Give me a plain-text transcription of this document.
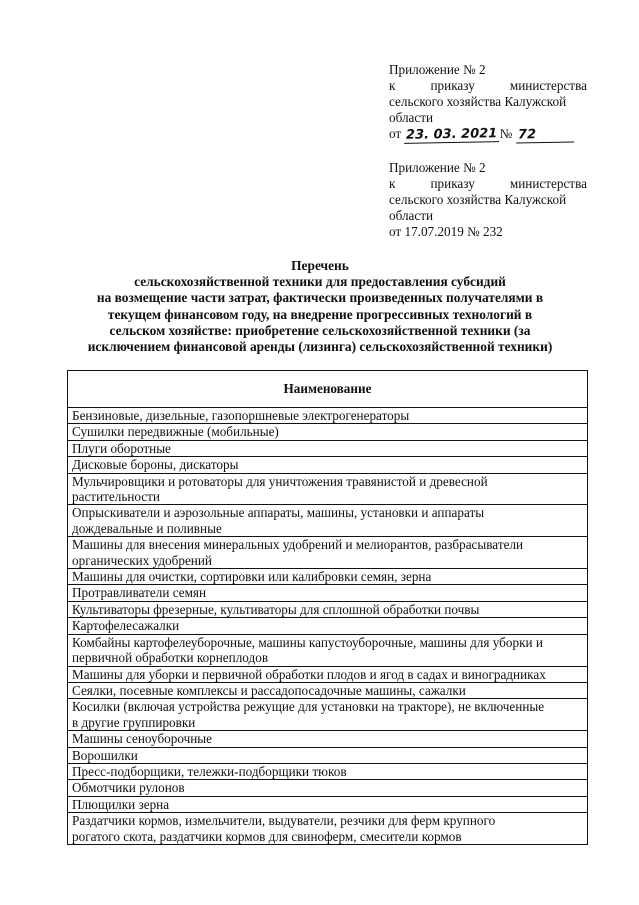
Приложение № 2
к	приказу	министерства
сельского хозяйства Калужской
области
от 23. 03. 2021 № 72
Приложение № 2
к	приказу	министерства
сельского хозяйства Калужской
области
от 17.07.2019 № 232
Перечень
сельскохозяйственной техники для предоставления субсидий
на возмещение части затрат, фактически произведенных получателями в
текущем финансовом году, на внедрение прогрессивных технологий в
сельском хозяйстве: приобретение сельскохозяйственной техники (за
исключением финансовой аренды (лизинга) сельскохозяйственной техники)
Наименование

Бензиновые, дизельные, газопоршневые электрогенераторы

Сушилки передвижные (мобильные)

Плуги оборотные

Дисковые бороны, дискаторы

Мульчировщики и ротоваторы для уничтожения травянистой и древесной
растительности

Опрыскиватели и аэрозольные аппараты, машины, установки и аппараты
дождевальные и поливные

Машины для внесения минеральных удобрений и мелиорантов, разбрасыватели
органических удобрений

Машины для очистки, сортировки или калибровки семян, зерна

Протравливатели семян

Культиваторы фрезерные, культиваторы для сплошной обработки почвы

Картофелесажалки

Комбайны картофелеуборочные, машины капустоуборочные, машины для уборки и
первичной обработки корнеплодов

Машины для уборки и первичной обработки плодов и ягод в садах и виноградниках

Сеялки, посевные комплексы и рассадопосадочные машины, сажалки

Косилки (включая устройства режущие для установки на тракторе), не включенные
в другие группировки

Машины сеноуборочные

Ворошилки

Пресс-подборщики, тележки-подборщики тюков

Обмотчики рулонов

Плющилки зерна

Раздатчики кормов, измельчители, выдуватели, резчики для ферм крупного
рогатого скота, раздатчики кормов для свиноферм, смесители кормов
